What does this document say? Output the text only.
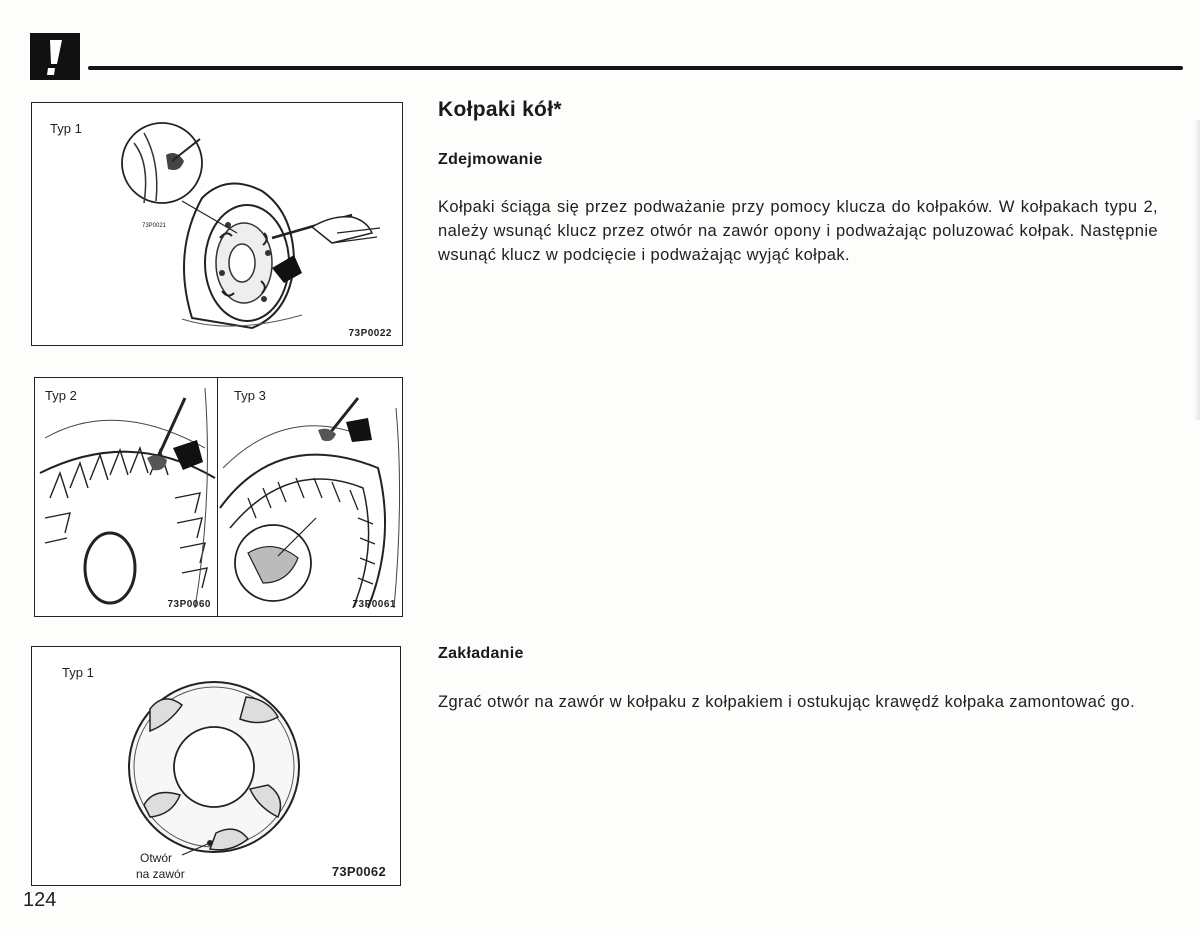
Typ 1
73P0021
73P0022
Typ 2
73P0060
Typ 3
73P0061
Typ 1
Otwór
na zawór	73P0062
Kołpaki kół*
Zdejmowanie
Kołpaki ściąga się przez podważanie przy pomocy klucza do kołpaków. W kołpakach typu 2, należy wsunąć klucz przez otwór na zawór opony i podważając poluzować kołpak. Następnie wsunąć klucz w podcięcie i podważając wyjąć kołpak.
Zakładanie
Zgrać otwór na zawór w kołpaku z kołpakiem i ostukując krawędź kołpaka zamontować go.
124
